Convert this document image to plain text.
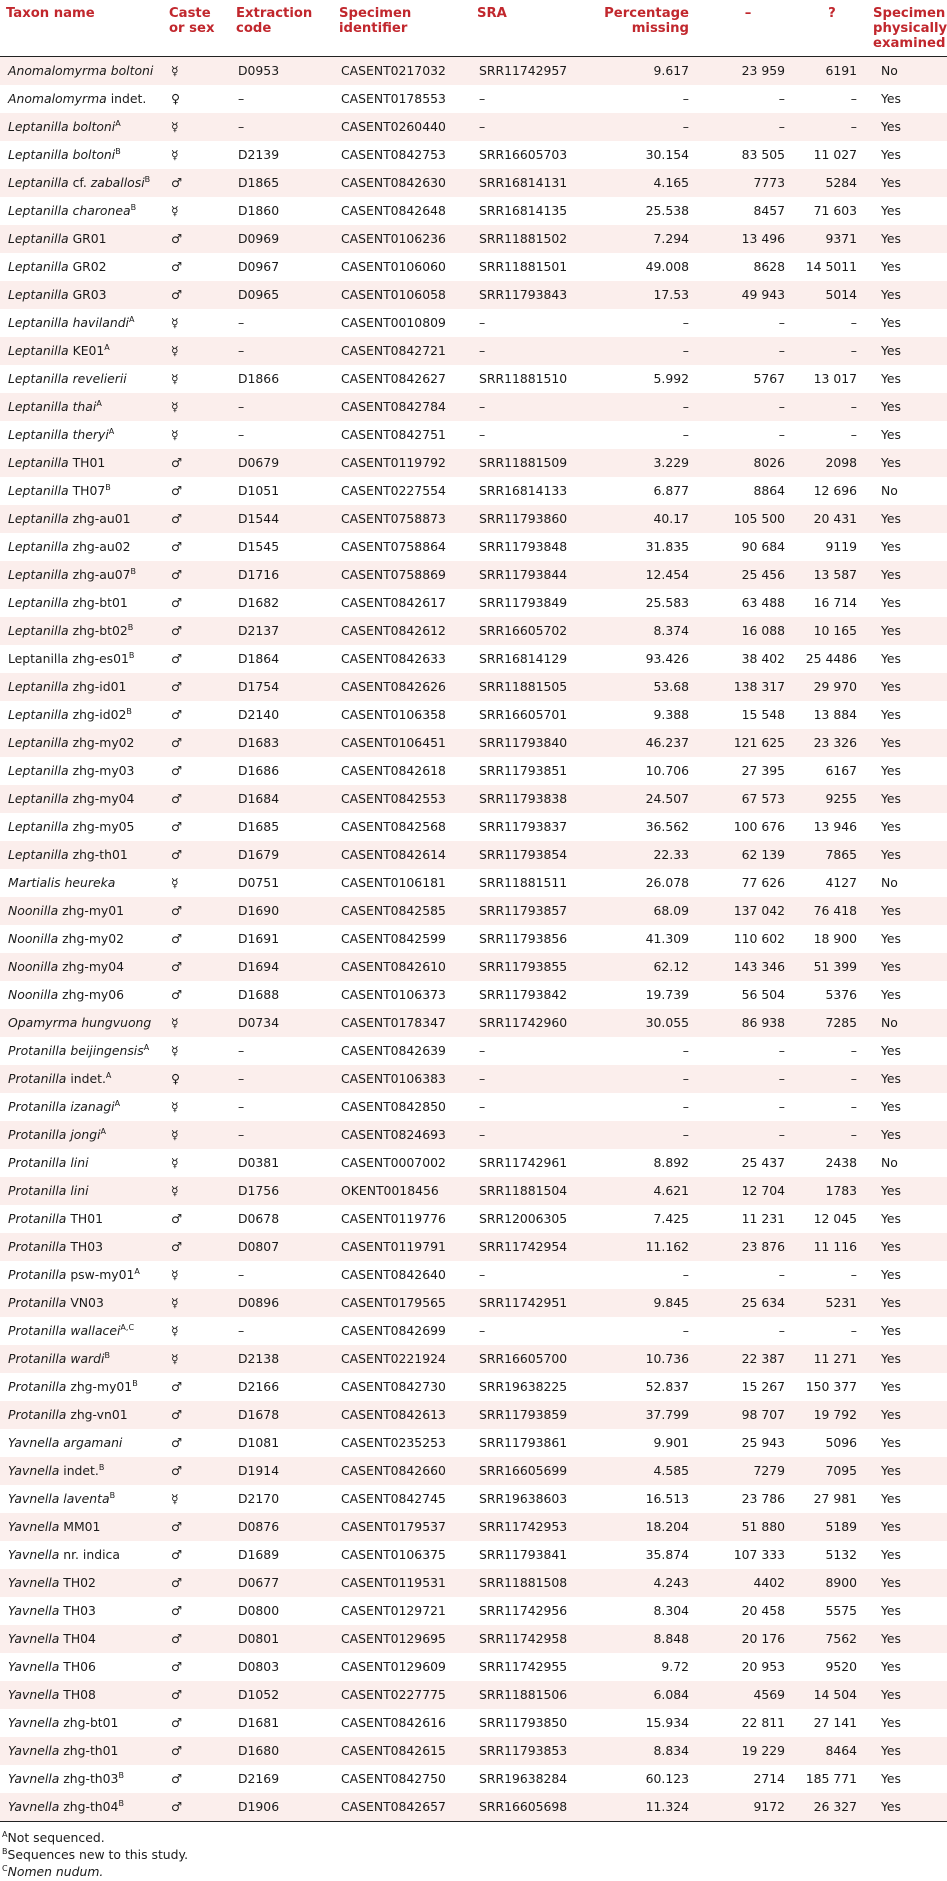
Taxon name	Caste or sex	Extraction code	Specimen identifier	SRA	Percentage missing	–	?	Specimen physically examined
Anomalomyrma boltoni	☿	D0953	CASENT0217032	SRR11742957	9.617	23 959	6191	No
Anomalomyrma indet.	♀	–	CASENT0178553	–	–	–	–	Yes
Leptanilla boltoni$^A$	☿	–	CASENT0260440	–	–	–	–	Yes
Leptanilla boltoni$^B$	☿	D2139	CASENT0842753	SRR16605703	30.154	83 505	11 027	Yes
Leptanilla cf. zaballosi$^B$	♂	D1865	CASENT0842630	SRR16814131	4.165	7773	5284	Yes
Leptanilla charonea$^B$	☿	D1860	CASENT0842648	SRR16814135	25.538	8457	71 603	Yes
Leptanilla GR01	♂	D0969	CASENT0106236	SRR11881502	7.294	13 496	9371	Yes
Leptanilla GR02	♂	D0967	CASENT0106060	SRR11881501	49.008	8628	14 5011	Yes
Leptanilla GR03	♂	D0965	CASENT0106058	SRR11793843	17.53	49 943	5014	Yes
Leptanilla havilandi$^A$	☿	–	CASENT0010809	–	–	–	–	Yes
Leptanilla $KE01^A$	☿	–	CASENT0842721	–	–	–	–	Yes
Leptanilla revelierii	☿	D1866	CASENT0842627	SRR11881510	5.992	5767	13 017	Yes
Leptanilla thai$^A$	☿	–	CASENT0842784	–	–	–	–	Yes
Leptanilla theryi$^A$	☿	–	CASENT0842751	–	–	–	–	Yes
Leptanilla TH01	♂	D0679	CASENT0119792	SRR11881509	3.229	8026	2098	Yes
Leptanilla $TH07^B$	♂	D1051	CASENT0227554	SRR16814133	6.877	8864	12 696	No
Leptanilla zhg-au01	♂	D1544	CASENT0758873	SRR11793860	40.17	105 500	20 431	Yes
Leptanilla zhg-au02	♂	D1545	CASENT0758864	SRR11793848	31.835	90 684	9119	Yes
Leptanilla zhg-$au07^B$	♂	D1716	CASENT0758869	SRR11793844	12.454	25 456	13 587	Yes
Leptanilla zhg-bt01	♂	D1682	CASENT0842617	SRR11793849	25.583	63 488	16 714	Yes
Leptanilla zhg-$bt02^B$	♂	D2137	CASENT0842612	SRR16605702	8.374	16 088	10 165	Yes
Leptanilla zhg-$es01^B$	♂	D1864	CASENT0842633	SRR16814129	93.426	38 402	25 4486	Yes
Leptanilla zhg-id01	♂	D1754	CASENT0842626	SRR11881505	53.68	138 317	29 970	Yes
Leptanilla zhg-$id02^B$	♂	D2140	CASENT0106358	SRR16605701	9.388	15 548	13 884	Yes
Leptanilla zhg-my02	♂	D1683	CASENT0106451	SRR11793840	46.237	121 625	23 326	Yes
Leptanilla zhg-my03	♂	D1686	CASENT0842618	SRR11793851	10.706	27 395	6167	Yes
Leptanilla zhg-my04	♂	D1684	CASENT0842553	SRR11793838	24.507	67 573	9255	Yes
Leptanilla zhg-my05	♂	D1685	CASENT0842568	SRR11793837	36.562	100 676	13 946	Yes
Leptanilla zhg-th01	♂	D1679	CASENT0842614	SRR11793854	22.33	62 139	7865	Yes
Martialis heureka	☿	D0751	CASENT0106181	SRR11881511	26.078	77 626	4127	No
Noonilla zhg-my01	♂	D1690	CASENT0842585	SRR11793857	68.09	137 042	76 418	Yes
Noonilla zhg-my02	♂	D1691	CASENT0842599	SRR11793856	41.309	110 602	18 900	Yes
Noonilla zhg-my04	♂	D1694	CASENT0842610	SRR11793855	62.12	143 346	51 399	Yes
Noonilla zhg-my06	♂	D1688	CASENT0106373	SRR11793842	19.739	56 504	5376	Yes
Opamyrma hungvuong	☿	D0734	CASENT0178347	SRR11742960	30.055	86 938	7285	No
Protanilla beijingensis$^A$	☿	–	CASENT0842639	–	–	–	–	Yes
Protanilla indet.$^A$	♀	–	CASENT0106383	–	–	–	–	Yes
Protanilla izanagi$^A$	☿	–	CASENT0842850	–	–	–	–	Yes
Protanilla jongi$^A$	☿	–	CASENT0824693	–	–	–	–	Yes
Protanilla lini	☿	D0381	CASENT0007002	SRR11742961	8.892	25 437	2438	No
Protanilla lini	☿	D1756	OKENT0018456	SRR11881504	4.621	12 704	1783	Yes
Protanilla TH01	♂	D0678	CASENT0119776	SRR12006305	7.425	11 231	12 045	Yes
Protanilla TH03	♂	D0807	CASENT0119791	SRR11742954	11.162	23 876	11 116	Yes
Protanilla psw-$my01^A$	☿	–	CASENT0842640	–	–	–	–	Yes
Protanilla VN03	☿	D0896	CASENT0179565	SRR11742951	9.845	25 634	5231	Yes
Protanilla wallacei$^{A,C}$	☿	–	CASENT0842699	–	–	–	–	Yes
Protanilla wardi$^B$	☿	D2138	CASENT0221924	SRR16605700	10.736	22 387	11 271	Yes
Protanilla zhg-$my01^B$	♂	D2166	CASENT0842730	SRR19638225	52.837	15 267	150 377	Yes
Protanilla zhg-vn01	♂	D1678	CASENT0842613	SRR11793859	37.799	98 707	19 792	Yes
Yavnella argamani	♂	D1081	CASENT0235253	SRR11793861	9.901	25 943	5096	Yes
Yavnella indet.$^B$	♂	D1914	CASENT0842660	SRR16605699	4.585	7279	7095	Yes
Yavnella laventa$^B$	☿	D2170	CASENT0842745	SRR19638603	16.513	23 786	27 981	Yes
Yavnella MM01	♂	D0876	CASENT0179537	SRR11742953	18.204	51 880	5189	Yes
Yavnella nr. indica	♂	D1689	CASENT0106375	SRR11793841	35.874	107 333	5132	Yes
Yavnella TH02	♂	D0677	CASENT0119531	SRR11881508	4.243	4402	8900	Yes
Yavnella TH03	♂	D0800	CASENT0129721	SRR11742956	8.304	20 458	5575	Yes
Yavnella TH04	♂	D0801	CASENT0129695	SRR11742958	8.848	20 176	7562	Yes
Yavnella TH06	♂	D0803	CASENT0129609	SRR11742955	9.72	20 953	9520	Yes
Yavnella TH08	♂	D1052	CASENT0227775	SRR11881506	6.084	4569	14 504	Yes
Yavnella zhg-bt01	♂	D1681	CASENT0842616	SRR11793850	15.934	22 811	27 141	Yes
Yavnella zhg-th01	♂	D1680	CASENT0842615	SRR11793853	8.834	19 229	8464	Yes
Yavnella zhg-$th03^B$	♂	D2169	CASENT0842750	SRR19638284	60.123	2714	185 771	Yes
Yavnella zhg-$th04^B$	♂	D1906	CASENT0842657	SRR16605698	11.324	9172	26 327	Yes
$^A$Not sequenced.
$^B$Sequences new to this study.
$^C$Nomen nudum.
